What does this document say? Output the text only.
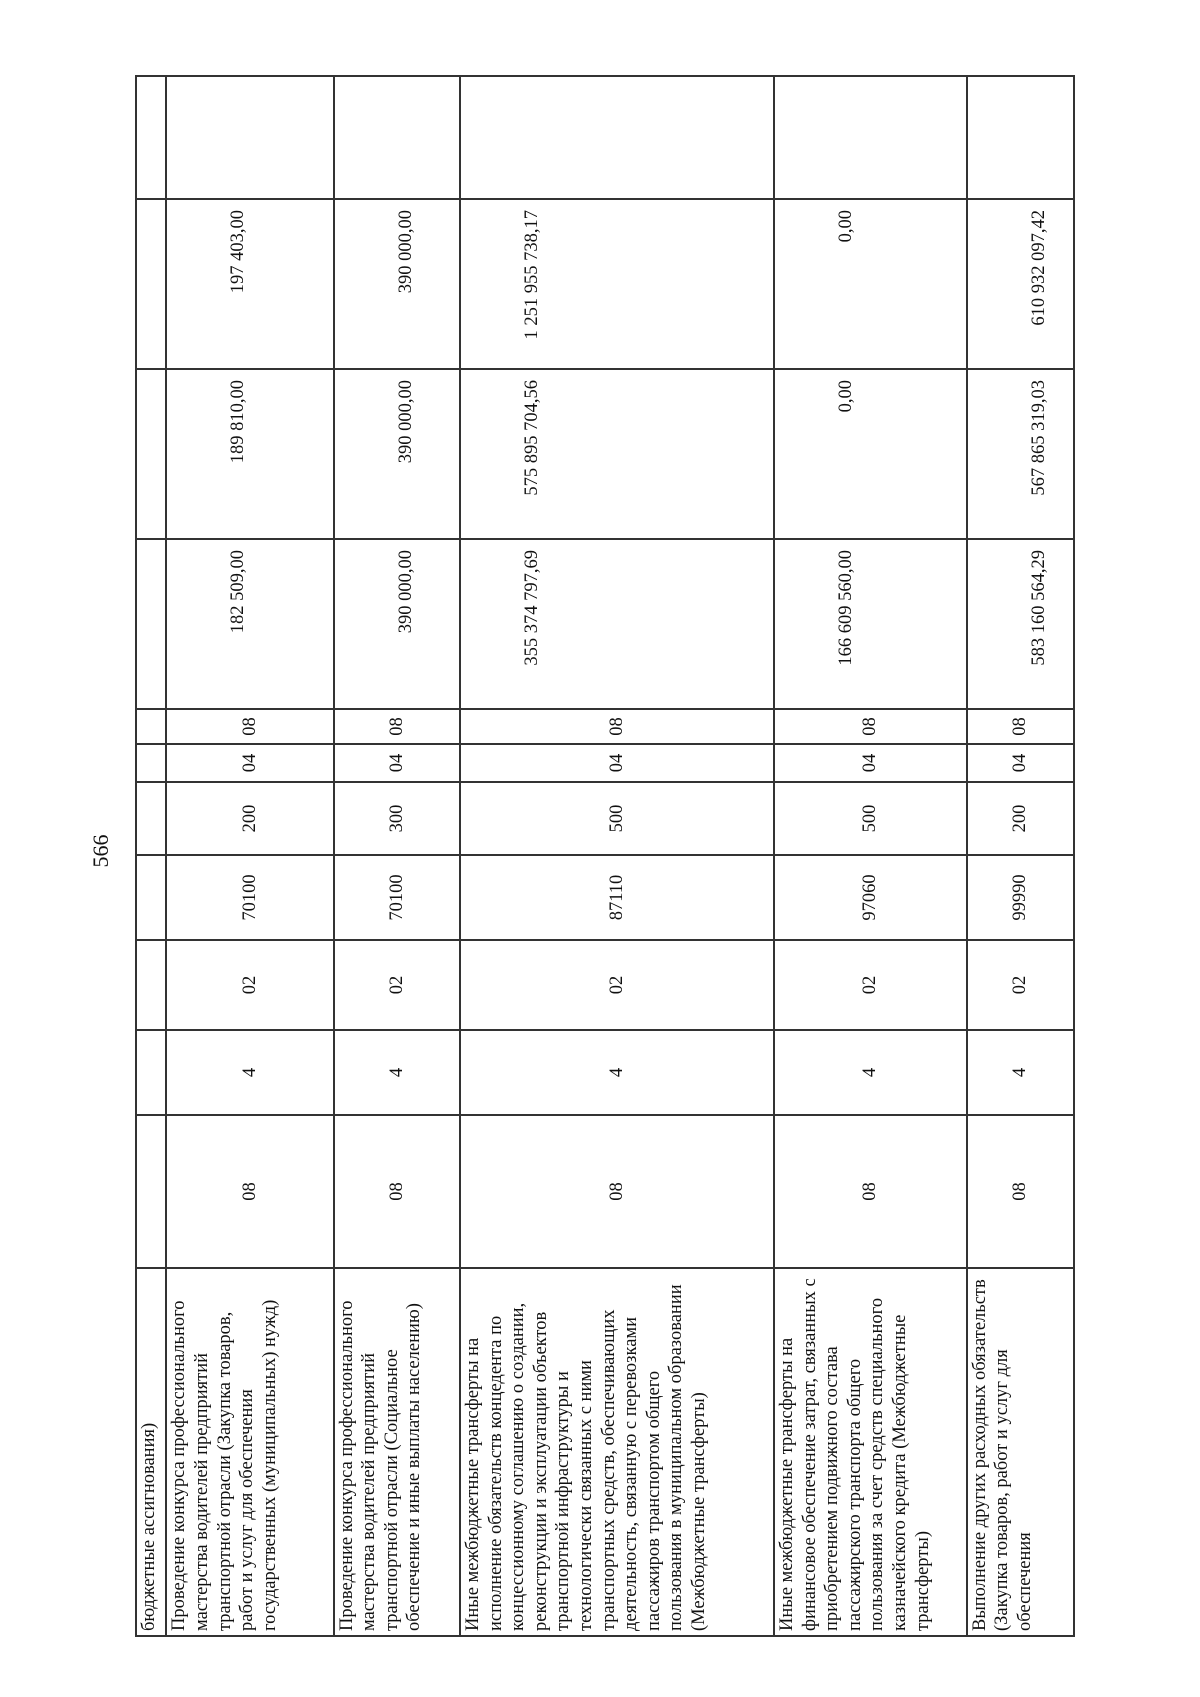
566
бюджетные ассигнования)											
Проведение конкурса профессионального мастерства водителей предприятий транспортной отрасли (Закупка товаров, работ и услуг для обеспечения государственных (муниципальных) нужд)	08	4	02	70100	200	04	08	182 509,00	189 810,00	197 403,00	
Проведение конкурса профессионального мастерства водителей предприятий транспортной отрасли (Социальное обеспечение и иные выплаты населению)	08	4	02	70100	300	04	08	390 000,00	390 000,00	390 000,00	
Иные межбюджетные трансферты на исполнение обязательств концедента по концессионному соглашению о создании, реконструкции и эксплуатации объектов транспортной инфраструктуры и технологически связанных с ними транспортных средств, обеспечивающих деятельность, связанную с перевозками пассажиров транспортом общего пользования в муниципальном образовании (Межбюджетные трансферты)	08	4	02	87110	500	04	08	355 374 797,69	575 895 704,56	1 251 955 738,17	
Иные межбюджетные трансферты на финансовое обеспечение затрат, связанных с приобретением подвижного состава пассажирского транспорта общего пользования за счет средств специального казначейского кредита (Межбюджетные трансферты)	08	4	02	97060	500	04	08	166 609 560,00	0,00	0,00	
Выполнение других расходных обязательств (Закупка товаров, работ и услуг для обеспечения	08	4	02	99990	200	04	08	583 160 564,29	567 865 319,03	610 932 097,42	
